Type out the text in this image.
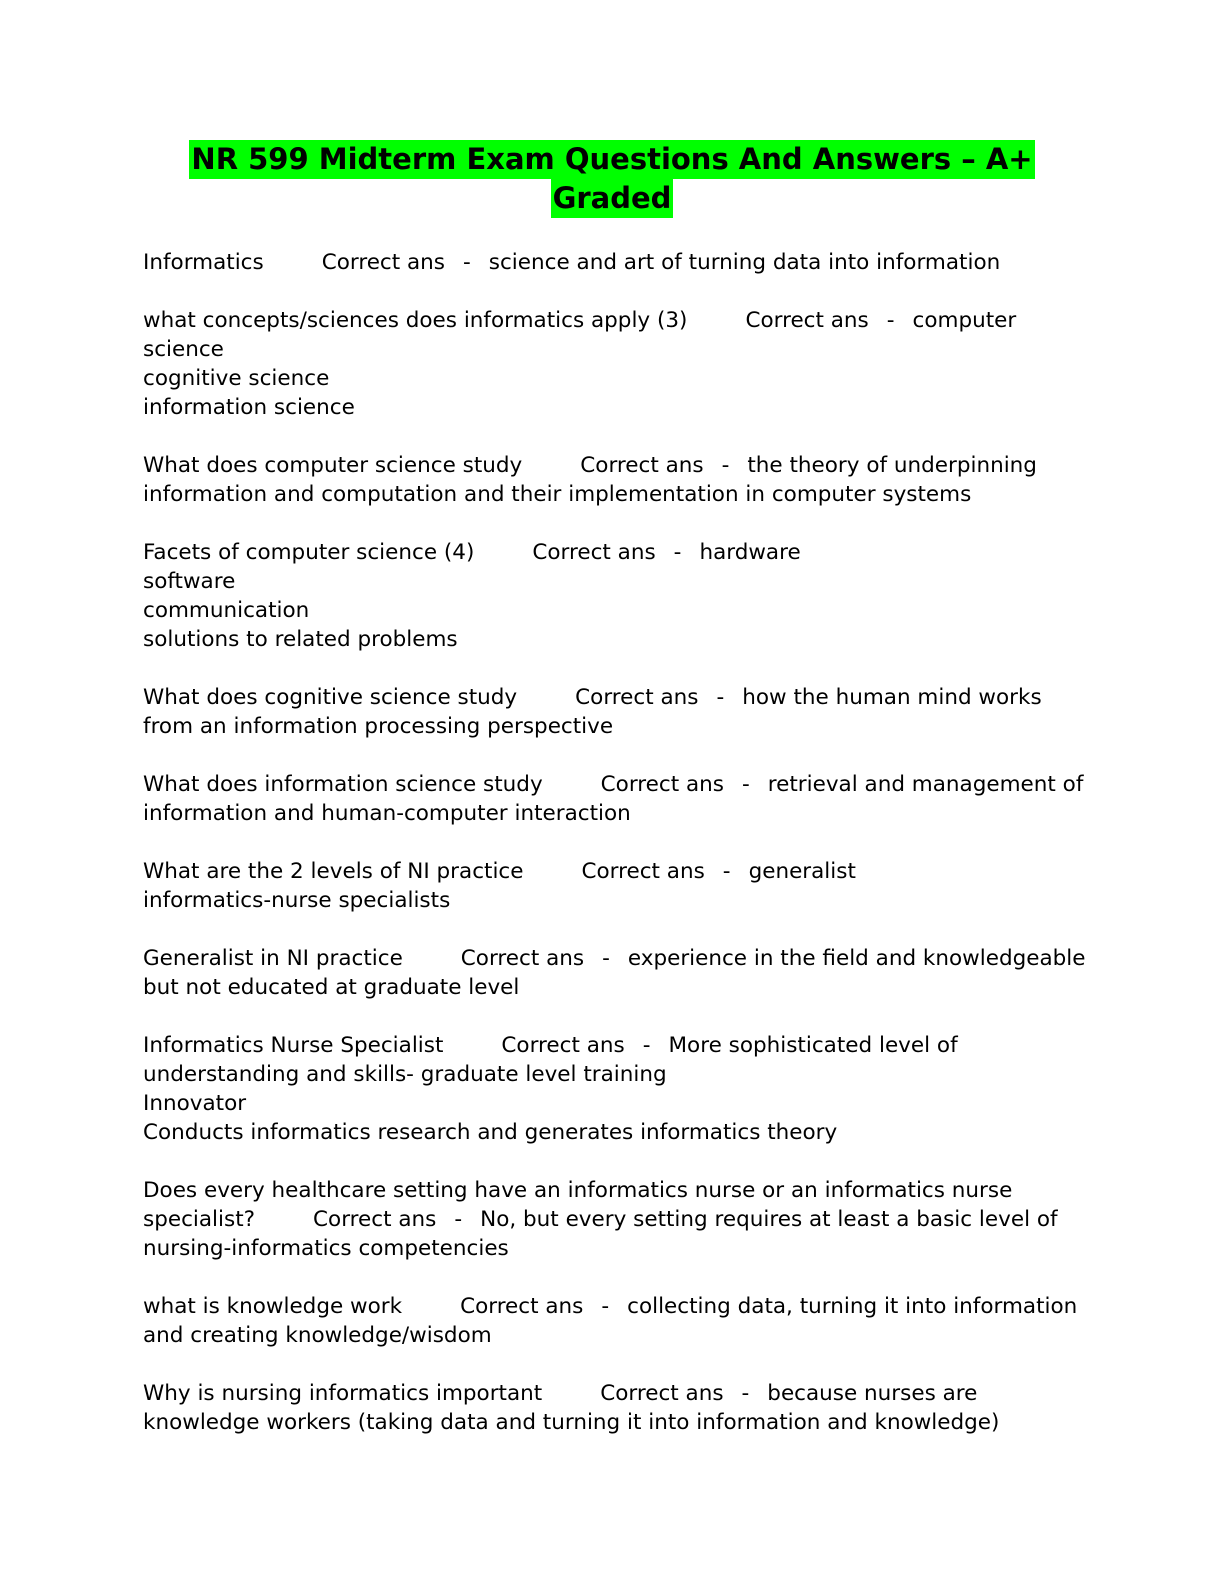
NR 599 Midterm Exam Questions And Answers – A+
Graded
Informatics	Correct ans - science and art of turning data into information
what concepts/sciences does informatics apply (3)	Correct ans - computer
science
cognitive science
information science
What does computer science study	Correct ans - the theory of underpinning
information and computation and their implementation in computer systems
Facets of computer science (4)	Correct ans - hardware
software
communication
solutions to related problems
What does cognitive science study	Correct ans - how the human mind works
from an information processing perspective
What does information science study	Correct ans - retrieval and management of
information and human-computer interaction
What are the 2 levels of NI practice	Correct ans - generalist
informatics-nurse specialists
Generalist in NI practice	Correct ans - experience in the field and knowledgeable
but not educated at graduate level
Informatics Nurse Specialist	Correct ans - More sophisticated level of
understanding and skills- graduate level training
Innovator
Conducts informatics research and generates informatics theory
Does every healthcare setting have an informatics nurse or an informatics nurse
specialist?	Correct ans - No, but every setting requires at least a basic level of
nursing-informatics competencies
what is knowledge work	Correct ans - collecting data, turning it into information
and creating knowledge/wisdom
Why is nursing informatics important	Correct ans - because nurses are
knowledge workers (taking data and turning it into information and knowledge)
